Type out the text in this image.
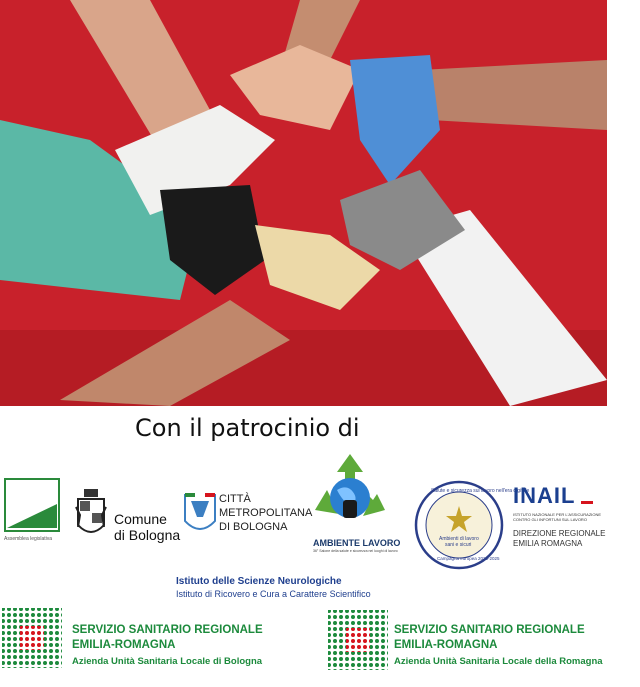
Con il patrocinio di
Assemblea legislativa
Comune
di Bologna
CITTÀ
METROPOLITANA
DI BOLOGNA
AMBIENTE LAVORO
36° Salone della salute e sicurezza nei luoghi di lavoro
Salute e sicurezza sul lavoro nell'era digitale
Ambienti di lavoro
sani e sicuri
Campagna europea 2023-2025
INAIL
ISTITUTO NAZIONALE PER L'ASSICURAZIONE
CONTRO GLI INFORTUNI SUL LAVORO
DIREZIONE REGIONALE
EMILIA ROMAGNA
Istituto delle Scienze Neurologiche
Istituto di Ricovero e Cura a Carattere Scientifico
SERVIZIO SANITARIO REGIONALE
EMILIA-ROMAGNA
Azienda Unità Sanitaria Locale di Bologna
SERVIZIO SANITARIO REGIONALE
EMILIA-ROMAGNA
Azienda Unità Sanitaria Locale della Romagna
